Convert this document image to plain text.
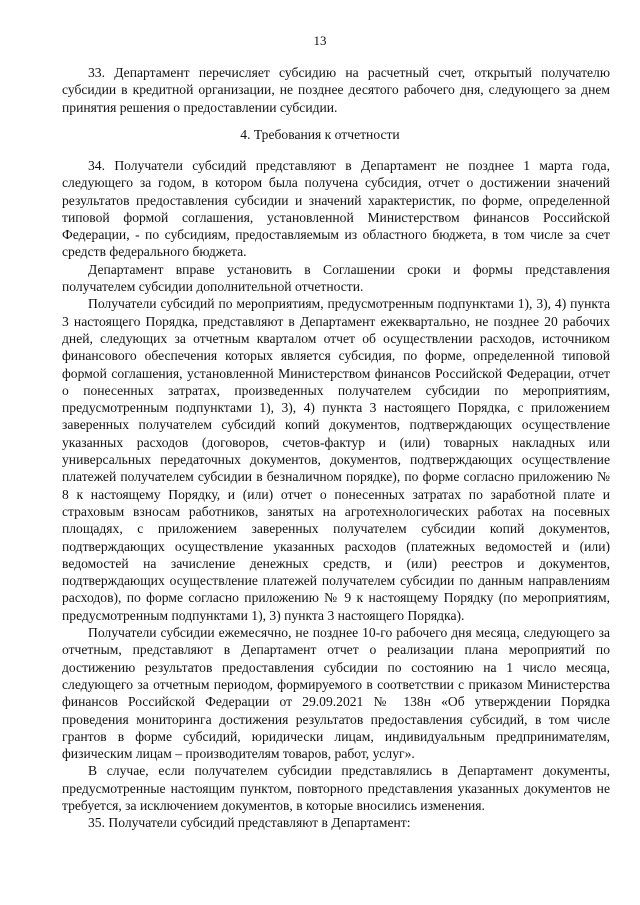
13

33. Департамент перечисляет субсидию на расчетный счет, открытый получателю субсидии в кредитной организации, не позднее десятого рабочего дня, следующего за днем принятия решения о предоставлении субсидии.

4. Требования к отчетности

34. Получатели субсидий представляют в Департамент не позднее 1 марта года, следующего за годом, в котором была получена субсидия, отчет о достижении значений результатов предоставления субсидии и значений характеристик, по форме, определенной типовой формой соглашения, установленной Министерством финансов Российской Федерации, - по субсидиям, предоставляемым из областного бюджета, в том числе за счет средств федерального бюджета.

Департамент вправе установить в Соглашении сроки и формы представления получателем субсидии дополнительной отчетности.

Получатели субсидий по мероприятиям, предусмотренным подпунктами 1), 3), 4) пункта 3 настоящего Порядка, представляют в Департамент ежеквартально, не позднее 20 рабочих дней, следующих за отчетным кварталом отчет об осуществлении расходов, источником финансового обеспечения которых является субсидия, по форме, определенной типовой формой соглашения, установленной Министерством финансов Российской Федерации, отчет о понесенных затратах, произведенных получателем субсидии по мероприятиям, предусмотренным подпунктами 1), 3), 4) пункта 3 настоящего Порядка, с приложением заверенных получателем субсидий копий документов, подтверждающих осуществление указанных расходов (договоров, счетов-фактур и (или) товарных накладных или универсальных передаточных документов, документов, подтверждающих осуществление платежей получателем субсидии в безналичном порядке), по форме согласно приложению № 8 к настоящему Порядку, и (или) отчет о понесенных затратах по заработной плате и страховым взносам работников, занятых на агротехнологических работах на посевных площадях, с приложением заверенных получателем субсидии копий документов, подтверждающих осуществление указанных расходов (платежных ведомостей и (или) ведомостей на зачисление денежных средств, и (или) реестров и документов, подтверждающих осуществление платежей получателем субсидии по данным направлениям расходов), по форме согласно приложению № 9 к настоящему Порядку (по мероприятиям, предусмотренным подпунктами 1), 3) пункта 3 настоящего Порядка).

Получатели субсидии ежемесячно, не позднее 10-го рабочего дня месяца, следующего за отчетным, представляют в Департамент отчет о реализации плана мероприятий по достижению результатов предоставления субсидии по состоянию на 1 число месяца, следующего за отчетным периодом, формируемого в соответствии с приказом Министерства финансов Российской Федерации от 29.09.2021 № 138н «Об утверждении Порядка проведения мониторинга достижения результатов предоставления субсидий, в том числе грантов в форме субсидий, юридически лицам, индивидуальным предпринимателям, физическим лицам – производителям товаров, работ, услуг».

В случае, если получателем субсидии представлялись в Департамент документы, предусмотренные настоящим пунктом, повторного представления указанных документов не требуется, за исключением документов, в которые вносились изменения.

35. Получатели субсидий представляют в Департамент:
